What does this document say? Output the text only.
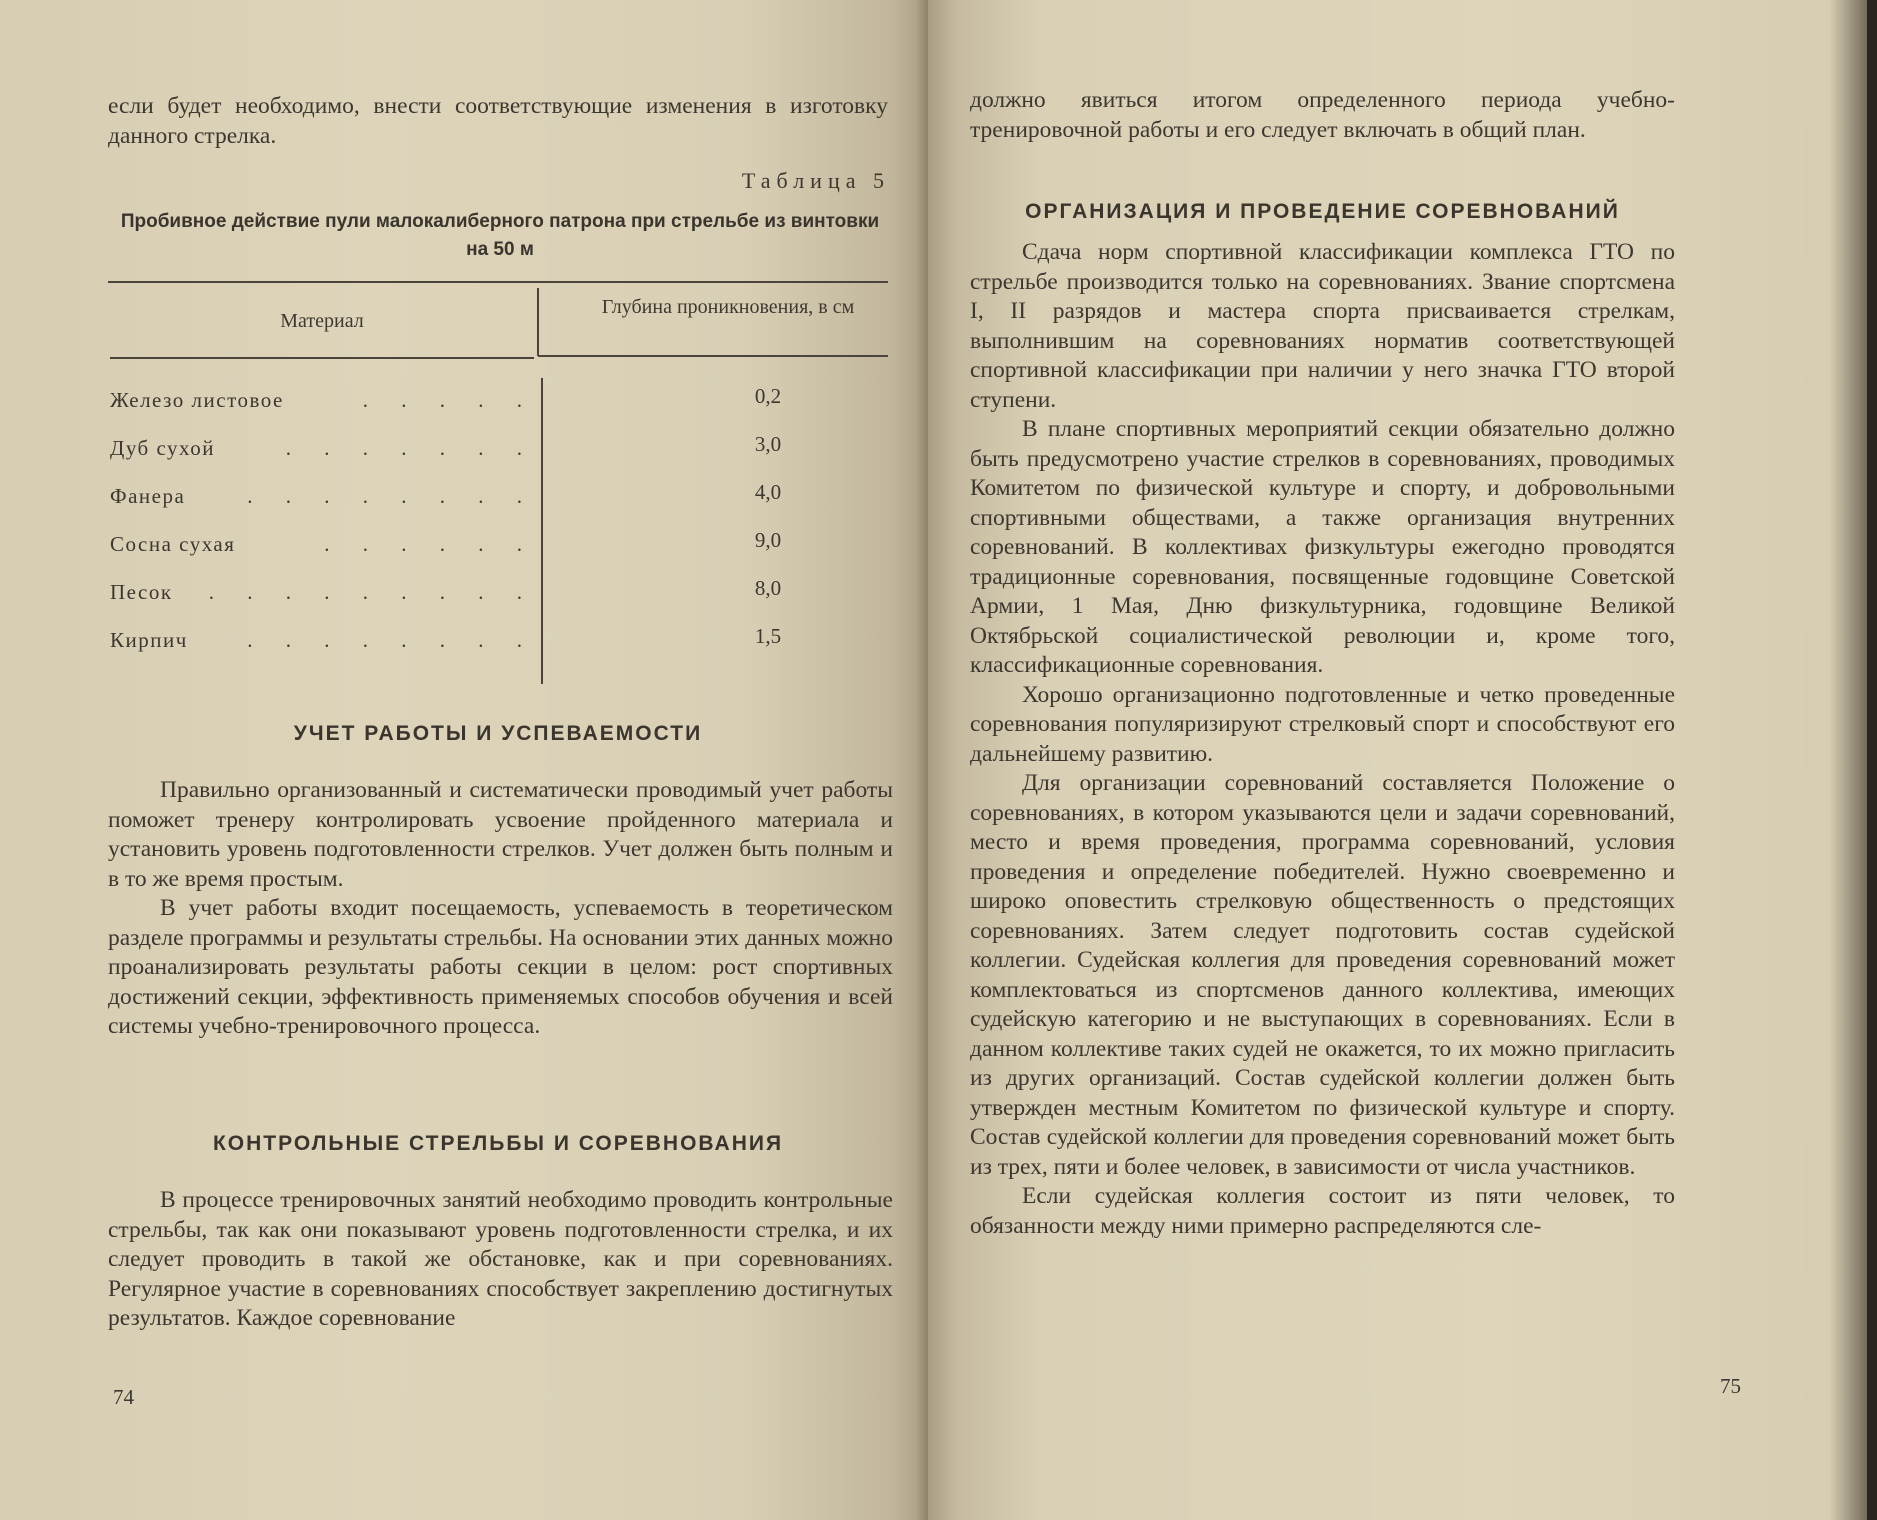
если будет необходимо, внести соответствующие изменения в изготовку данного стрелка.

Таблица 5
Пробивное действие пули малокалиберного патрона при стрельбе из винтовки на 50 м
Материал
Глубина проникновения, в см
Железо листовое	. . . . .	0,2
Дуб сухой	. . . . . . .	3,0
Фанера	. . . . . . . .	4,0
Сосна сухая	. . . . . .	9,0
Песок . . . . . . . . .	8,0
Кирпич	. . . . . . . .	1,5
УЧЕТ РАБОТЫ И УСПЕВАЕМОСТИ

Правильно организованный и систематически проводимый учет работы поможет тренеру контролировать усвоение пройденного материала и установить уровень подготовленности стрелков. Учет должен быть полным и в то же время простым.

В учет работы входит посещаемость, успеваемость в теоретическом разделе программы и результаты стрельбы. На основании этих данных можно проанализировать результаты работы секции в целом: рост спортивных достижений секции, эффективность применяемых способов обучения и всей системы учебно-тренировочного процесса.

КОНТРОЛЬНЫЕ СТРЕЛЬБЫ И СОРЕВНОВАНИЯ

В процессе тренировочных занятий необходимо проводить контрольные стрельбы, так как они показывают уровень подготовленности стрелка, и их следует проводить в такой же обстановке, как и при соревнованиях. Регулярное участие в соревнованиях способствует закреплению достигнутых результатов. Каждое соревнование

74

должно явиться итогом определенного периода учебно-тренировочной работы и его следует включать в общий план.

ОРГАНИЗАЦИЯ И ПРОВЕДЕНИЕ СОРЕВНОВАНИЙ

Сдача норм спортивной классификации комплекса ГТО по стрельбе производится только на соревнованиях. Звание спортсмена I, II разрядов и мастера спорта присваивается стрелкам, выполнившим на соревнованиях норматив соответствующей спортивной классификации при наличии у него значка ГТО второй ступени.

В плане спортивных мероприятий секции обязательно должно быть предусмотрено участие стрелков в соревнованиях, проводимых Комитетом по физической культуре и спорту, и добровольными спортивными обществами, а также организация внутренних соревнований. В коллективах физкультуры ежегодно проводятся традиционные соревнования, посвященные годовщине Советской Армии, 1 Мая, Дню физкультурника, годовщине Великой Октябрьской социалистической революции и, кроме того, классификационные соревнования.

Хорошо организационно подготовленные и четко проведенные соревнования популяризируют стрелковый спорт и способствуют его дальнейшему развитию.

Для организации соревнований составляется Положение о соревнованиях, в котором указываются цели и задачи соревнований, место и время проведения, программа соревнований, условия проведения и определение победителей. Нужно своевременно и широко оповестить стрелковую общественность о предстоящих соревнованиях. Затем следует подготовить состав судейской коллегии. Судейская коллегия для проведения соревнований может комплектоваться из спортсменов данного коллектива, имеющих судейскую категорию и не выступающих в соревнованиях. Если в данном коллективе таких судей не окажется, то их можно пригласить из других организаций. Состав судейской коллегии должен быть утвержден местным Комитетом по физической культуре и спорту. Состав судейской коллегии для проведения соревнований может быть из трех, пяти и более человек, в зависимости от числа участников.

Если судейская коллегия состоит из пяти человек, то обязанности между ними примерно распределяются сле-

75
